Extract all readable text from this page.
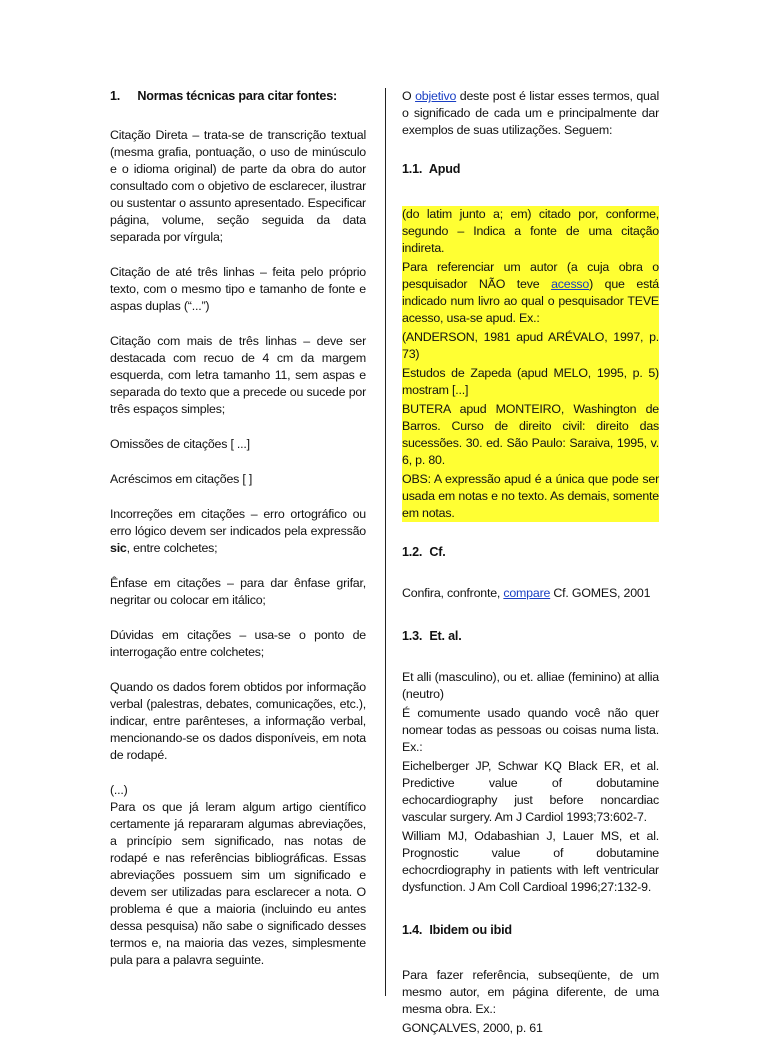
1. Normas técnicas para citar fontes:

Citação Direta – trata-se de transcrição textual (mesma grafia, pontuação, o uso de minúsculo e o idioma original) de parte da obra do autor consultado com o objetivo de esclarecer, ilustrar ou sustentar o assunto apresentado. Especificar página, volume, seção seguida da data separada por vírgula;

Citação de até três linhas – feita pelo próprio texto, com o mesmo tipo e tamanho de fonte e aspas duplas (“...”)

Citação com mais de três linhas – deve ser destacada com recuo de 4 cm da margem esquerda, com letra tamanho 11, sem aspas e separada do texto que a precede ou sucede por três espaços simples;

Omissões de citações [ ...]

Acréscimos em citações [ ]

Incorreções em citações – erro ortográfico ou erro lógico devem ser indicados pela expressão sic, entre colchetes;

Ênfase em citações – para dar ênfase grifar, negritar ou colocar em itálico;

Dúvidas em citações – usa-se o ponto de interrogação entre colchetes;

Quando os dados forem obtidos por informação verbal (palestras, debates, comunicações, etc.), indicar, entre parênteses, a informação verbal, mencionando-se os dados disponíveis, em nota de rodapé.

(...)

Para os que já leram algum artigo científico certamente já repararam algumas abreviações, a princípio sem significado, nas notas de rodapé e nas referências bibliográficas. Essas abreviações possuem sim um significado e devem ser utilizadas para esclarecer a nota. O problema é que a maioria (incluindo eu antes dessa pesquisa) não sabe o significado desses termos e, na maioria das vezes, simplesmente pula para a palavra seguinte.

O objetivo deste post é listar esses termos, qual o significado de cada um e principalmente dar exemplos de suas utilizações. Seguem:

1.1. Apud

(do latim junto a; em) citado por, conforme, segundo – Indica a fonte de uma citação indireta.

Para referenciar um autor (a cuja obra o pesquisador NÃO teve acesso) que está indicado num livro ao qual o pesquisador TEVE acesso, usa-se apud. Ex.:

(ANDERSON, 1981 apud ARÉVALO, 1997, p. 73)

Estudos de Zapeda (apud MELO, 1995, p. 5) mostram [...]

BUTERA apud MONTEIRO, Washington de Barros. Curso de direito civil: direito das sucessões. 30. ed. São Paulo: Saraiva, 1995, v. 6, p. 80.

OBS: A expressão apud é a única que pode ser usada em notas e no texto. As demais, somente em notas.

1.2. Cf.

Confira, confronte, compare Cf. GOMES, 2001

1.3. Et. al.

Et alli (masculino), ou et. alliae (feminino) at allia (neutro)

É comumente usado quando você não quer nomear todas as pessoas ou coisas numa lista. Ex.:

Eichelberger JP, Schwar KQ Black ER, et al. Predictive value of dobutamine echocardiography just before noncardiac vascular surgery. Am J Cardiol 1993;73:602-7.

William MJ, Odabashian J, Lauer MS, et al. Prognostic value of dobutamine echocrdiography in patients with left ventricular dysfunction. J Am Coll Cardioal 1996;27:132-9.

1.4. Ibidem ou ibid

Para fazer referência, subseqüente, de um mesmo autor, em página diferente, de uma mesma obra. Ex.:

GONÇALVES, 2000, p. 61
